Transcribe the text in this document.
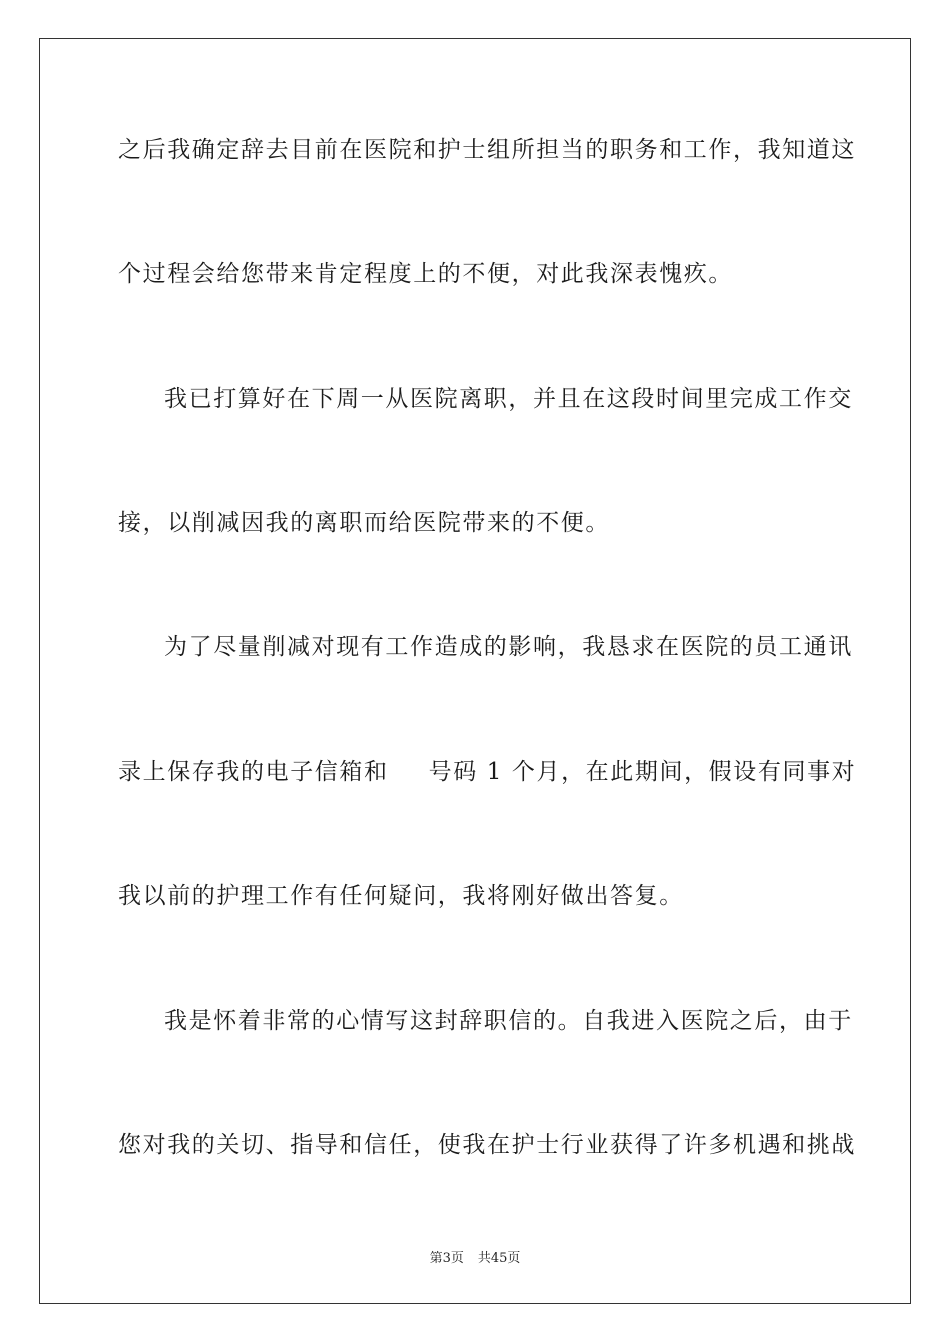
之后我确定辞去目前在医院和护士组所担当的职务和工作，我知道这
个过程会给您带来肯定程度上的不便，对此我深表愧疚。
我已打算好在下周一从医院离职，并且在这段时间里完成工作交
接，以削减因我的离职而给医院带来的不便。
为了尽量削减对现有工作造成的影响，我恳求在医院的员工通讯
录上保存我的电子信箱和 号码 1 个月，在此期间，假设有同事对
我以前的护理工作有任何疑问，我将刚好做出答复。
我是怀着非常的心情写这封辞职信的。自我进入医院之后，由于
您对我的关切、指导和信任，使我在护士行业获得了许多机遇和挑战
第3页 共45页
